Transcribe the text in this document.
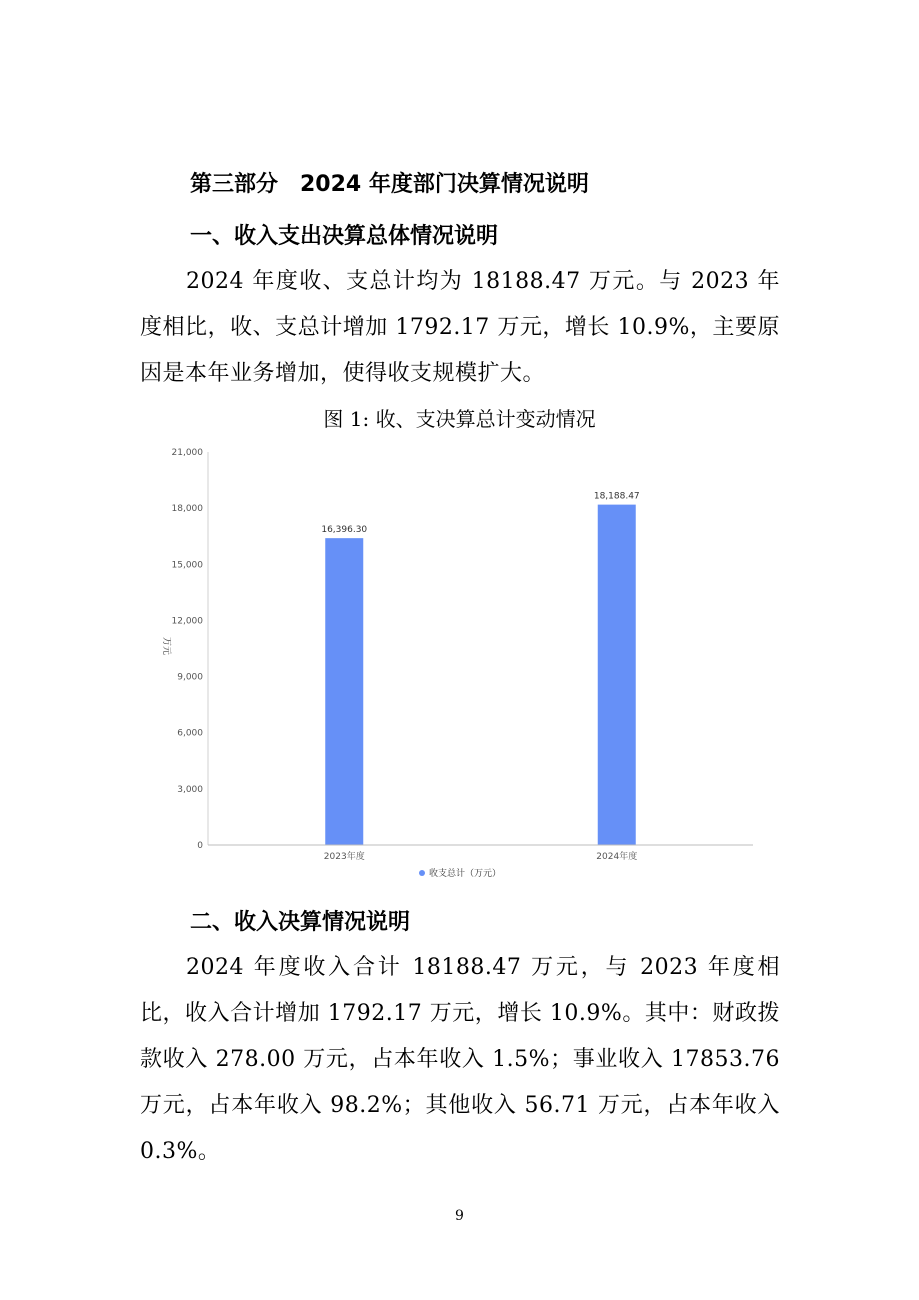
第三部分　2024 年度部门决算情况说明
一、收入支出决算总体情况说明

2024 年度收、支总计均为 18188.47 万元。与 2023 年度相比，收、支总计增加 1792.17 万元，增长 10.9%，主要原因是本年业务增加，使得收支规模扩大。

图 1: 收、支决算总计变动情况
0
3,000
6,000
9,000
12,000
15,000
18,000
21,000
16,396.30
18,188.47
2023年度	2024年度
万元
收支总计（万元）
二、收入决算情况说明

2024 年度收入合计 18188.47 万元，与 2023 年度相比，收入合计增加 1792.17 万元，增长 10.9%。其中：财政拨款收入 278.00 万元，占本年收入 1.5%；事业收入 17853.76 万元，占本年收入 98.2%；其他收入 56.71 万元，占本年收入 0.3%。

9
